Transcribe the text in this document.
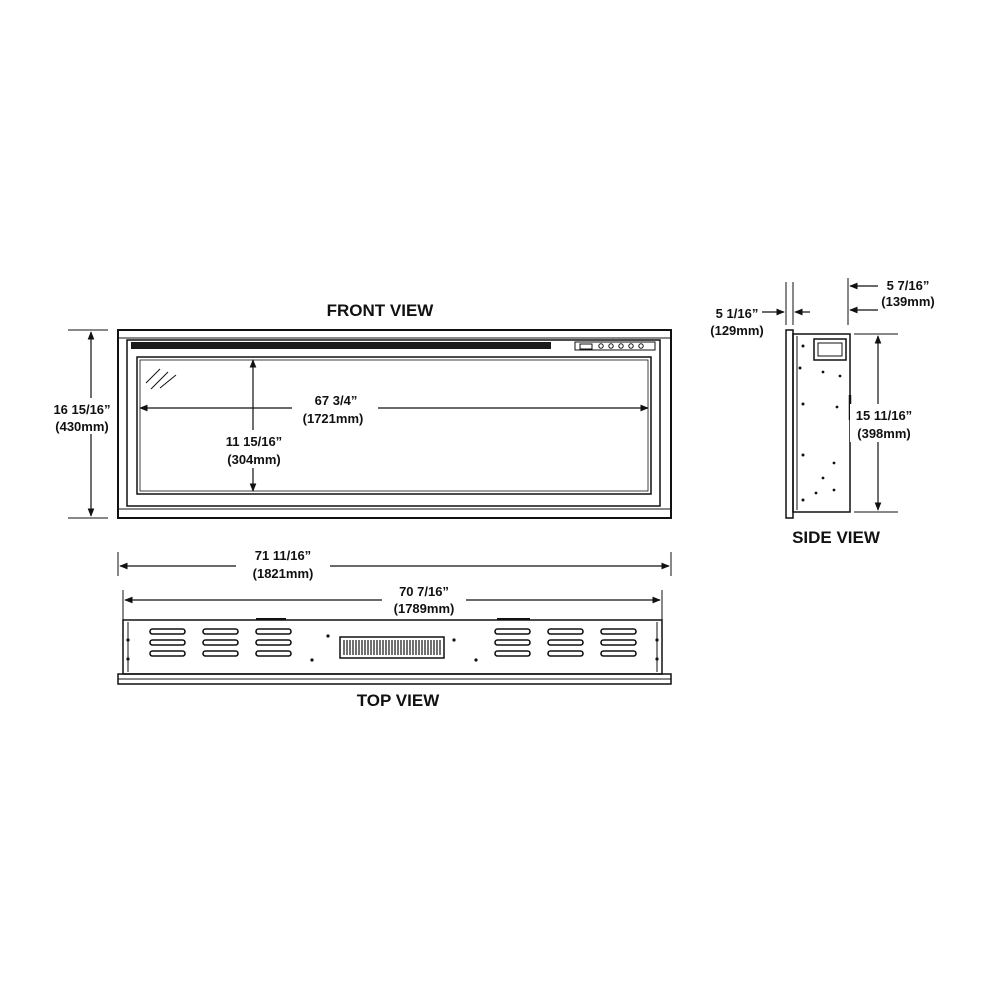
FRONT VIEW
16 15/16”
(430mm)
67 3/4”
(1721mm)
11 15/16”
(304mm)
71 11/16”
(1821mm)
70 7/16”
(1789mm)
TOP VIEW
5 1/16”
(129mm)
5 7/16”
(139mm)
15 11/16”
(398mm)
SIDE VIEW
